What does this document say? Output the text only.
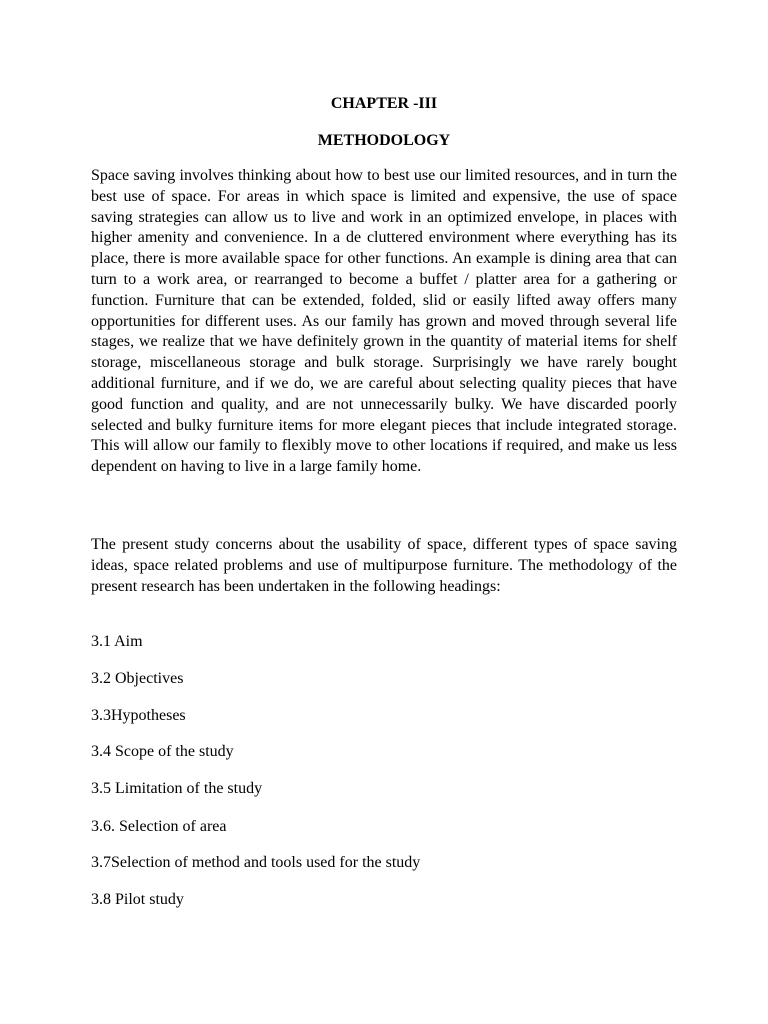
CHAPTER -III
METHODOLOGY

Space saving involves thinking about how to best use our limited resources, and in turn the best use of space. For areas in which space is limited and expensive, the use of space saving strategies can allow us to live and work in an optimized envelope, in places with higher amenity and convenience. In a de cluttered environment where everything has its place, there is more available space for other functions. An example is dining area that can turn to a work area, or rearranged to become a buffet / platter area for a gathering or function. Furniture that can be extended, folded, slid or easily lifted away offers many opportunities for different uses. As our family has grown and moved through several life stages, we realize that we have definitely grown in the quantity of material items for shelf storage, miscellaneous storage and bulk storage. Surprisingly we have rarely bought additional furniture, and if we do, we are careful about selecting quality pieces that have good function and quality, and are not unnecessarily bulky. We have discarded poorly selected and bulky furniture items for more elegant pieces that include integrated storage. This will allow our family to flexibly move to other locations if required, and make us less dependent on having to live in a large family home.

The present study concerns about the usability of space, different types of space saving ideas, space related problems and use of multipurpose furniture. The methodology of the present research has been undertaken in the following headings:

3.1 Aim

3.2 Objectives

3.3Hypotheses

3.4 Scope of the study

3.5 Limitation of the study

3.6. Selection of area

3.7Selection of method and tools used for the study

3.8 Pilot study
